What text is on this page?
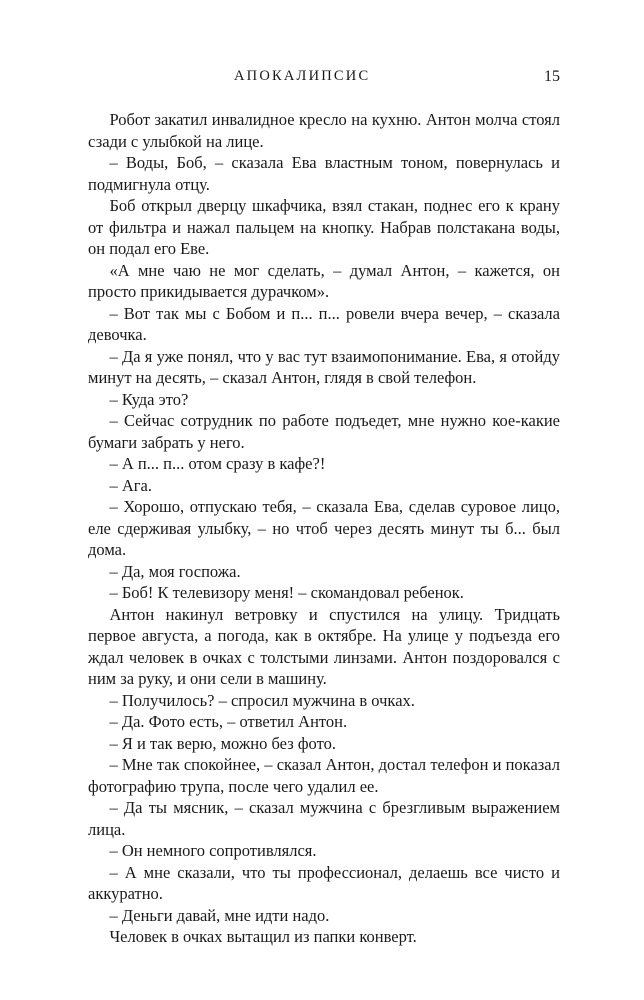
АПОКАЛИПСИС	15

Робот закатил инвалидное кресло на кухню. Антон молча стоял сзади с улыбкой на лице.

– Воды, Боб, – сказала Ева властным тоном, повернулась и подмигнула отцу.

Боб открыл дверцу шкафчика, взял стакан, поднес его к крану от фильтра и нажал пальцем на кнопку. Набрав полстакана воды, он подал его Еве.

«А мне чаю не мог сделать, – думал Антон, – кажется, он просто прикидывается дурачком».

– Вот так мы с Бобом и п... п... ровели вчера вечер, – сказала девочка.

– Да я уже понял, что у вас тут взаимопонимание. Ева, я отойду минут на десять, – сказал Антон, глядя в свой телефон.

– Куда это?

– Сейчас сотрудник по работе подъедет, мне нужно кое-какие бумаги забрать у него.

– А п... п... отом сразу в кафе?!

– Ага.

– Хорошо, отпускаю тебя, – сказала Ева, сделав суровое лицо, еле сдерживая улыбку, – но чтоб через десять минут ты б... был дома.

– Да, моя госпожа.

– Боб! К телевизору меня! – скомандовал ребенок.

Антон накинул ветровку и спустился на улицу. Тридцать первое августа, а погода, как в октябре. На улице у подъезда его ждал человек в очках с толстыми линзами. Антон поздоровался с ним за руку, и они сели в машину.

– Получилось? – спросил мужчина в очках.

– Да. Фото есть, – ответил Антон.

– Я и так верю, можно без фото.

– Мне так спокойнее, – сказал Антон, достал телефон и показал фотографию трупа, после чего удалил ее.

– Да ты мясник, – сказал мужчина с брезгливым выражением лица.

– Он немного сопротивлялся.

– А мне сказали, что ты профессионал, делаешь все чисто и аккуратно.

– Деньги давай, мне идти надо.

Человек в очках вытащил из папки конверт.
